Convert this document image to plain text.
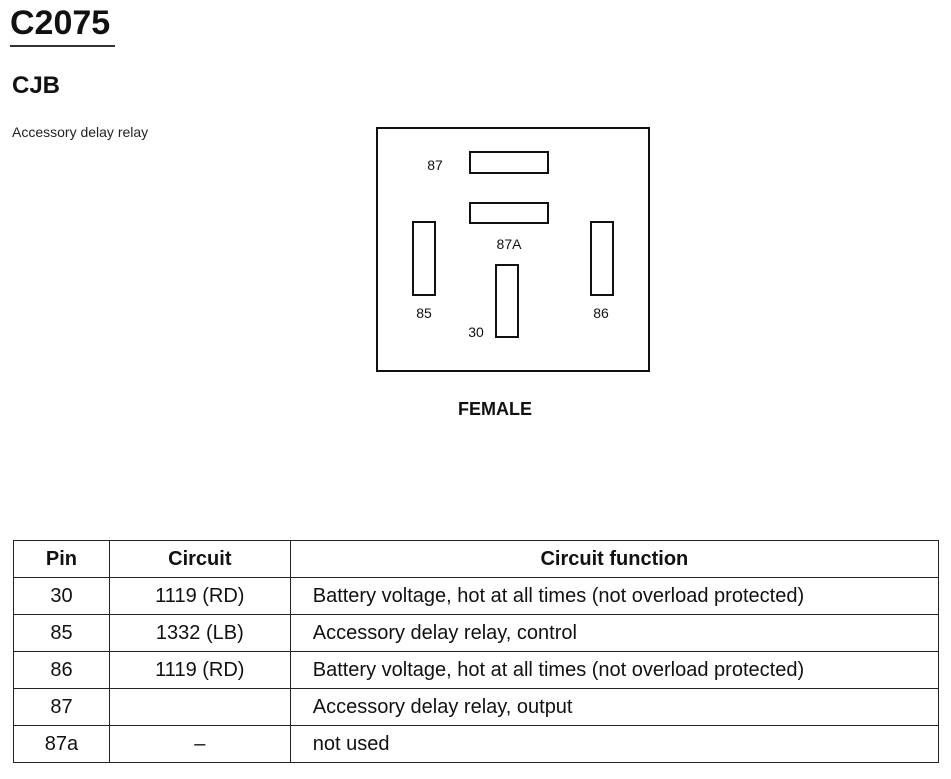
C2075
CJB
Accessory delay relay
87
87A
85	86
30
FEMALE
Pin	Circuit	Circuit function
30	1119 (RD)	Battery voltage, hot at all times (not overload protected)
85	1332 (LB)	Accessory delay relay, control
86	1119 (RD)	Battery voltage, hot at all times (not overload protected)
87		Accessory delay relay, output
87a	–	not used
